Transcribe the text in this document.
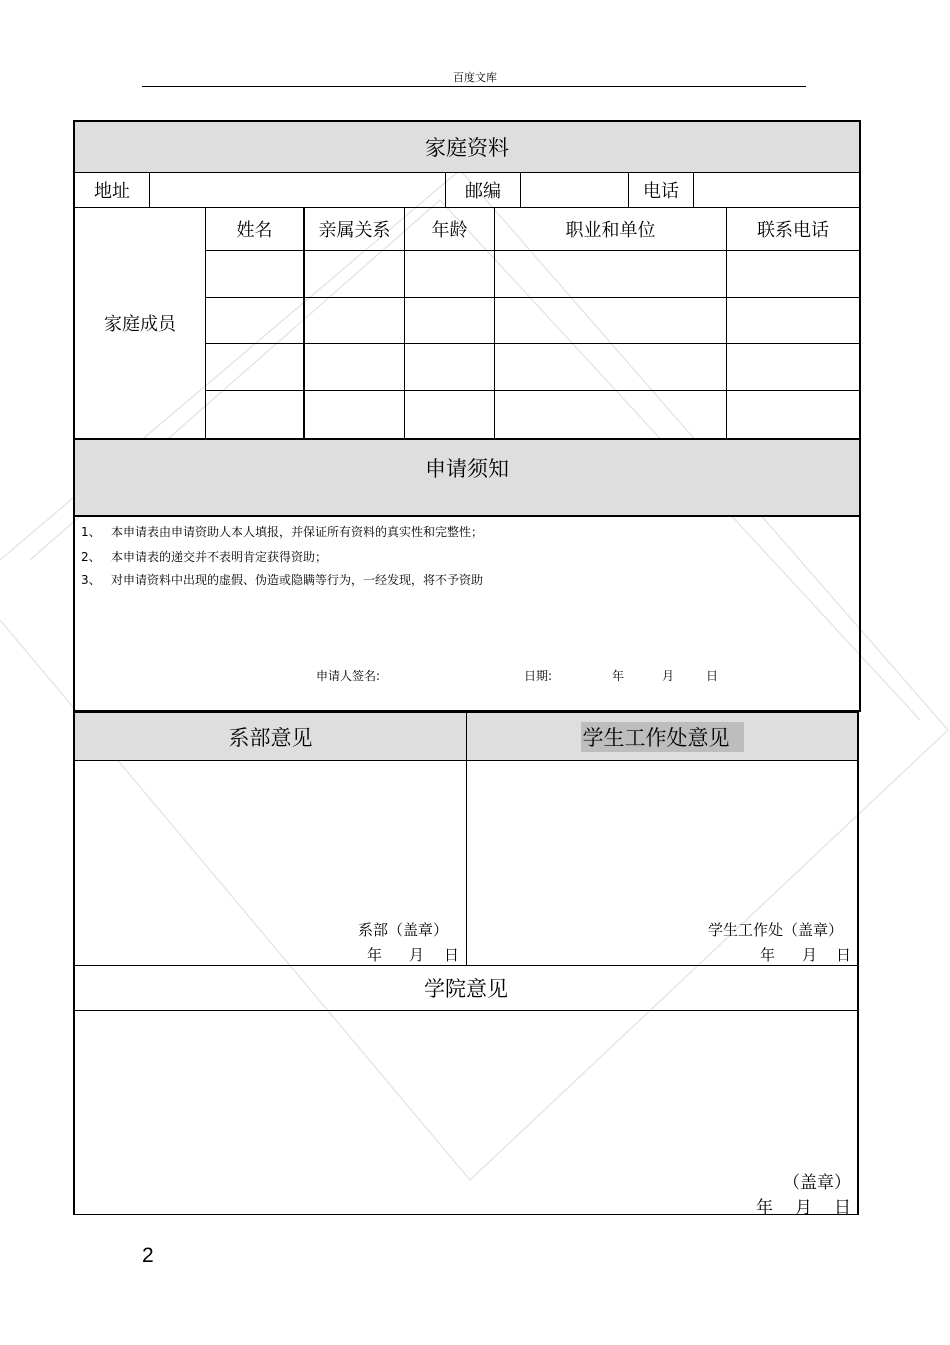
百度文库
家庭资料
地址	邮编	电话
家庭成员
姓名	亲属关系	年龄	职业和单位	联系电话
申请须知
1、 本申请表由申请资助人本人填报，并保证所有资料的真实性和完整性；
2、 本申请表的递交并不表明肯定获得资助；
3、 对申请资料中出现的虚假、伪造或隐瞒等行为，一经发现，将不予资助
申请人签名:	日期:	年	月	日
系部意见	学生工作处意见
系部（盖章）
年 月 日
学生工作处（盖章）
年 月 日
学院意见
（盖章）
年 月 日
2
